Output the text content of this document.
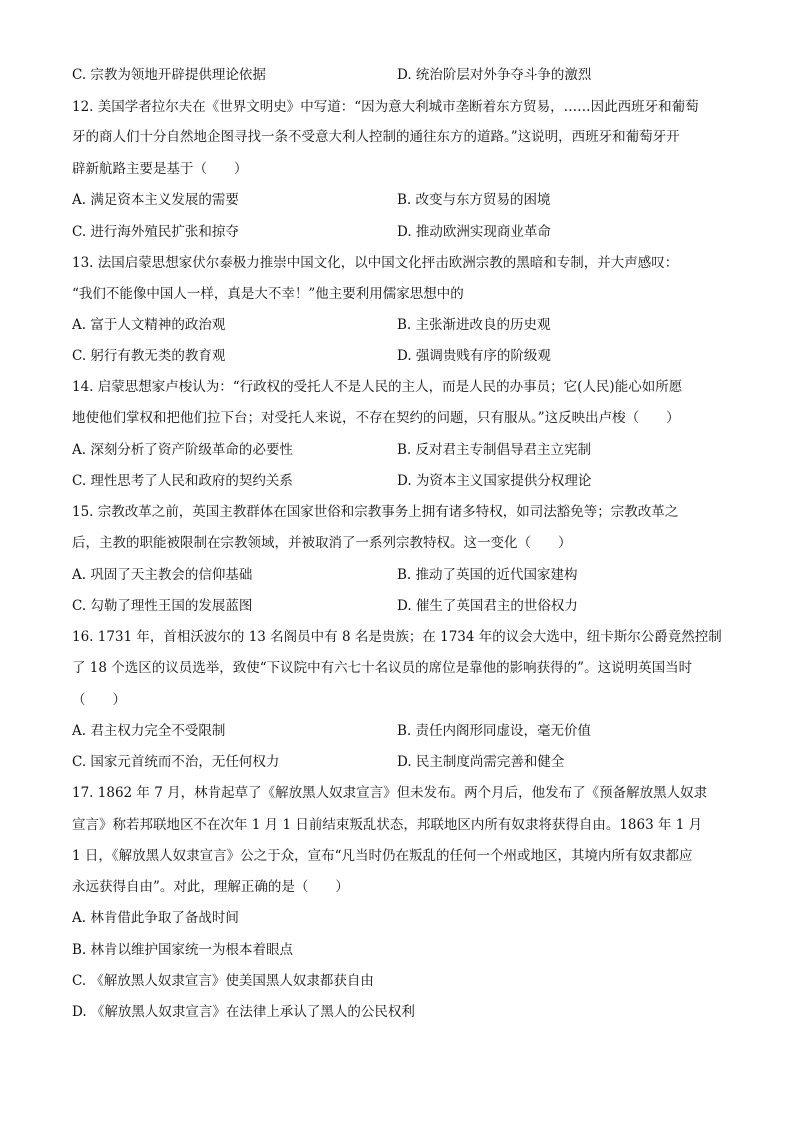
C. 宗教为领地开辟提供理论依据	D. 统治阶层对外争夺斗争的激烈
12. 美国学者拉尔夫在《世界文明史》中写道：“因为意大利城市垄断着东方贸易，……因此西班牙和葡萄
牙的商人们十分自然地企图寻找一条不受意大利人控制的通往东方的道路。”这说明，西班牙和葡萄牙开
辟新航路主要是基于（　　）
A. 满足资本主义发展的需要	B. 改变与东方贸易的困境
C. 进行海外殖民扩张和掠夺	D. 推动欧洲实现商业革命
13. 法国启蒙思想家伏尔泰极力推崇中国文化，以中国文化抨击欧洲宗教的黑暗和专制，并大声感叹：
“我们不能像中国人一样，真是大不幸！”他主要利用儒家思想中的
A. 富于人文精神的政治观	B. 主张渐进改良的历史观
C. 躬行有教无类的教育观	D. 强调贵贱有序的阶级观
14. 启蒙思想家卢梭认为：“行政权的受托人不是人民的主人，而是人民的办事员；它(人民)能心如所愿
地使他们掌权和把他们拉下台；对受托人来说，不存在契约的问题，只有服从。”这反映出卢梭（　　）
A. 深刻分析了资产阶级革命的必要性	B. 反对君主专制倡导君主立宪制
C. 理性思考了人民和政府的契约关系	D. 为资本主义国家提供分权理论
15. 宗教改革之前，英国主教群体在国家世俗和宗教事务上拥有诸多特权，如司法豁免等；宗教改革之
后，主教的职能被限制在宗教领域，并被取消了一系列宗教特权。这一变化（　　）
A. 巩固了天主教会的信仰基础	B. 推动了英国的近代国家建构
C. 勾勒了理性王国的发展蓝图	D. 催生了英国君主的世俗权力
16. 1731 年，首相沃波尔的 13 名阁员中有 8 名是贵族；在 1734 年的议会大选中，纽卡斯尔公爵竟然控制
了 18 个选区的议员选举，致使“下议院中有六七十名议员的席位是靠他的影响获得的”。这说明英国当时
（　　）
A. 君主权力完全不受限制	B. 责任内阁形同虚设，毫无价值
C. 国家元首统而不治，无任何权力	D. 民主制度尚需完善和健全
17. 1862 年 7 月，林肯起草了《解放黑人奴隶宣言》但未发布。两个月后，他发布了《预备解放黑人奴隶
宣言》称若邦联地区不在次年 1 月 1 日前结束叛乱状态，邦联地区内所有奴隶将获得自由。1863 年 1 月
1 日，《解放黑人奴隶宣言》公之于众，宣布“凡当时仍在叛乱的任何一个州或地区，其境内所有奴隶都应
永远获得自由”。对此，理解正确的是（　　）
A. 林肯借此争取了备战时间
B. 林肯以维护国家统一为根本着眼点
C. 《解放黑人奴隶宣言》使美国黑人奴隶都获自由
D. 《解放黑人奴隶宣言》在法律上承认了黑人的公民权利
